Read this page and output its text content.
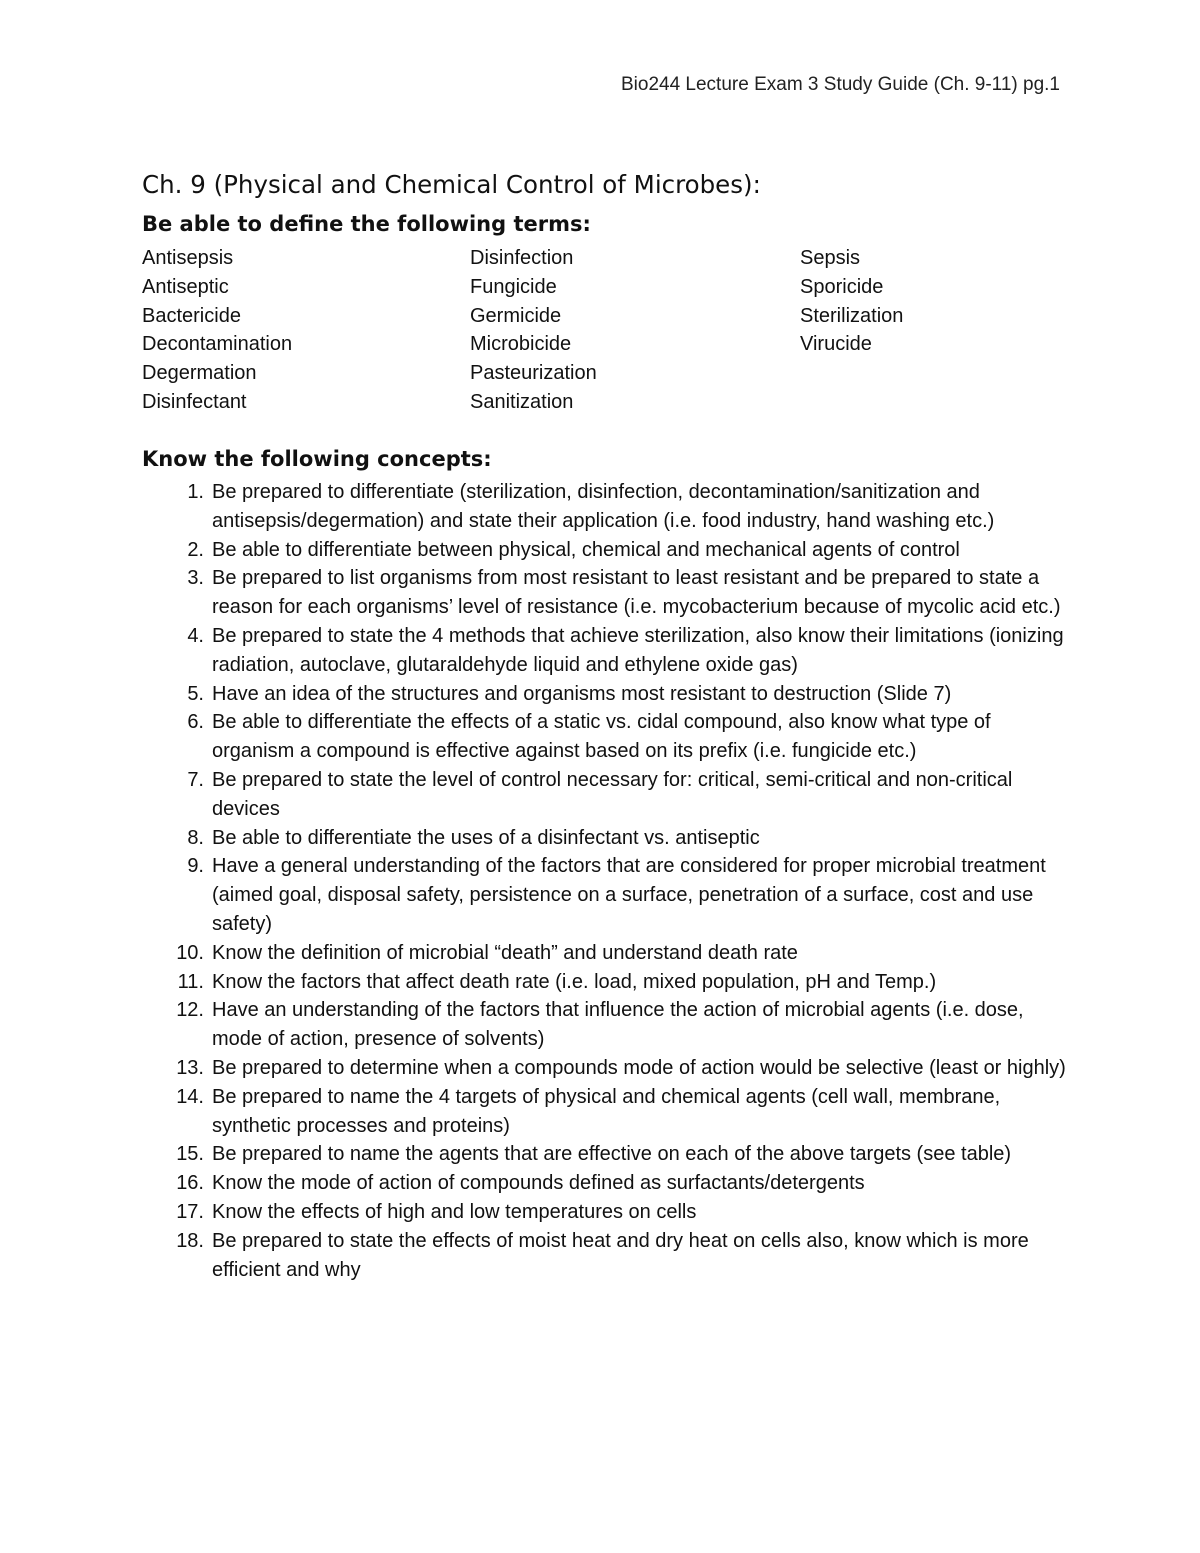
Bio244 Lecture Exam 3 Study Guide (Ch. 9-11) pg.1
Ch. 9 (Physical and Chemical Control of Microbes):
Be able to define the following terms:
Antisepsis
Antiseptic
Bactericide
Decontamination
Degermation
Disinfectant
Disinfection
Fungicide
Germicide
Microbicide
Pasteurization
Sanitization
Sepsis
Sporicide
Sterilization
Virucide
Know the following concepts:
1. Be prepared to differentiate (sterilization, disinfection, decontamination/sanitization and antisepsis/degermation) and state their application (i.e. food industry, hand washing etc.)
2. Be able to differentiate between physical, chemical and mechanical agents of control
3. Be prepared to list organisms from most resistant to least resistant and be prepared to state a reason for each organisms’ level of resistance (i.e. mycobacterium because of mycolic acid etc.)
4. Be prepared to state the 4 methods that achieve sterilization, also know their limitations (ionizing radiation, autoclave, glutaraldehyde liquid and ethylene oxide gas)
5. Have an idea of the structures and organisms most resistant to destruction (Slide 7)
6. Be able to differentiate the effects of a static vs. cidal compound, also know what type of organism a compound is effective against based on its prefix (i.e. fungicide etc.)
7. Be prepared to state the level of control necessary for: critical, semi-critical and non-critical devices
8. Be able to differentiate the uses of a disinfectant vs. antiseptic
9. Have a general understanding of the factors that are considered for proper microbial treatment (aimed goal, disposal safety, persistence on a surface, penetration of a surface, cost and use safety)
10. Know the definition of microbial “death” and understand death rate
11. Know the factors that affect death rate (i.e. load, mixed population, pH and Temp.)
12. Have an understanding of the factors that influence the action of microbial agents (i.e. dose, mode of action, presence of solvents)
13. Be prepared to determine when a compounds mode of action would be selective (least or highly)
14. Be prepared to name the 4 targets of physical and chemical agents (cell wall, membrane, synthetic processes and proteins)
15. Be prepared to name the agents that are effective on each of the above targets (see table)
16. Know the mode of action of compounds defined as surfactants/detergents
17. Know the effects of high and low temperatures on cells
18. Be prepared to state the effects of moist heat and dry heat on cells also, know which is more efficient and why
